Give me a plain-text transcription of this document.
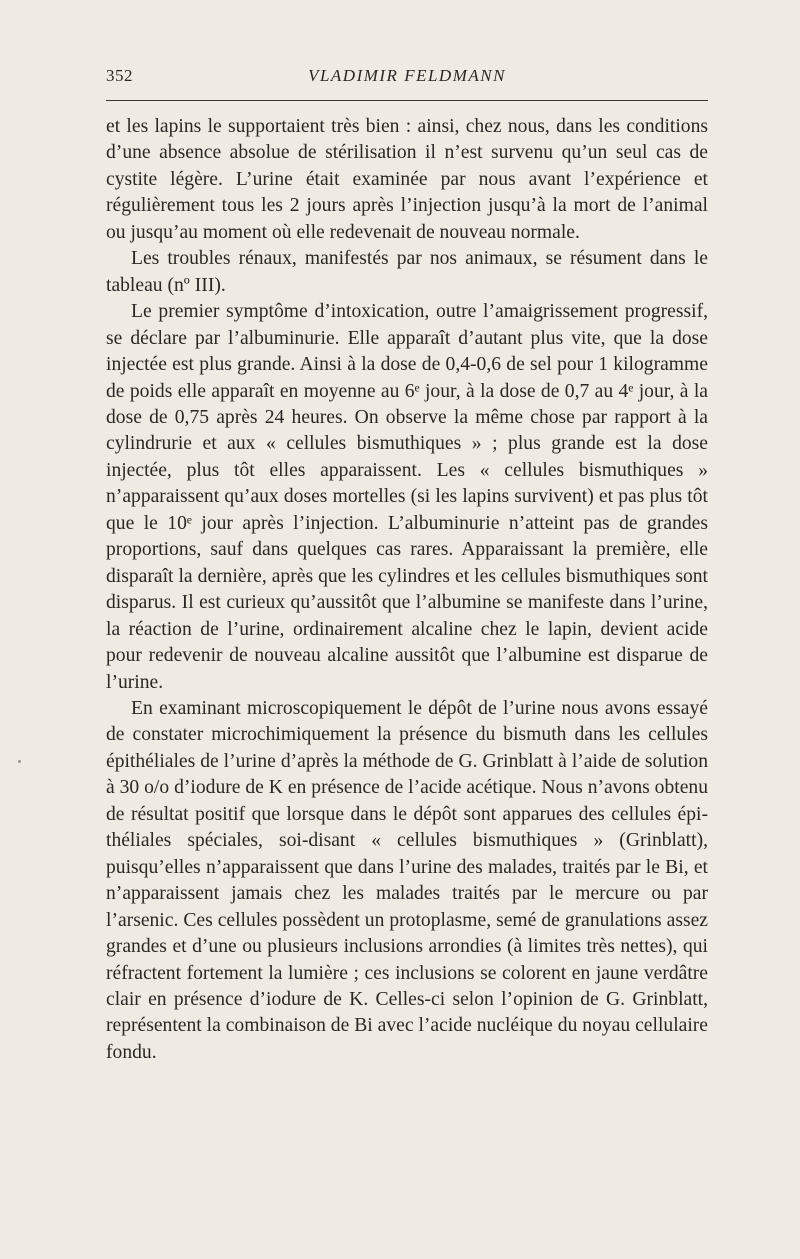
352	VLADIMIR FELDMANN

et les lapins le supportaient très bien : ainsi, chez nous, dans les conditions d’une absence absolue de stérilisation il n’est survenu qu’un seul cas de cystite légère. L’urine était examinée par nous avant l’expérience et régulièrement tous les 2 jours après l’injection jusqu’à la mort de l’animal ou jusqu’au moment où elle redevenait de nouveau normale.

Les troubles rénaux, manifestés par nos animaux, se résument dans le tableau (nº III).

Le premier symptôme d’intoxication, outre l’amaigrissement progressif, se déclare par l’albuminurie. Elle apparaît d’autant plus vite, que la dose injectée est plus grande. Ainsi à la dose de 0,4-0,6 de sel pour 1 kilogramme de poids elle apparaît en moyenne au 6ᵉ jour, à la dose de 0,7 au 4ᵉ jour, à la dose de 0,75 après 24 heures. On observe la même chose par rapport à la cylindrurie et aux « cellules bismuthiques » ; plus grande est la dose injectée, plus tôt elles apparaissent. Les « cellules bismuthiques » n’apparaissent qu’aux doses mortelles (si les lapins survivent) et pas plus tôt que le 10ᵉ jour après l’injection. L’albuminurie n’atteint pas de grandes proportions, sauf dans quelques cas rares. Apparaissant la première, elle disparaît la dernière, après que les cylindres et les cellules bismuthiques sont disparus. Il est curieux qu’aussitôt que l’albumine se manifeste dans l’urine, la réaction de l’urine, ordinairement alcaline chez le lapin, devient acide pour redevenir de nouveau alcaline aussitôt que l’albumine est disparue de l’urine.

En examinant microscopiquement le dépôt de l’urine nous avons essayé de constater microchimiquement la présence du bismuth dans les cellules épithéliales de l’urine d’après la méthode de G. Grinblatt à l’aide de solution à 30 o/o d’iodure de K en présence de l’acide acétique. Nous n’avons obtenu de résultat positif que lorsque dans le dépôt sont apparues des cellules épithéliales spéciales, soi-disant « cellules bismuthiques » (Grinblatt), puisqu’elles n’apparaissent que dans l’urine des malades, traités par le Bi, et n’apparaissent jamais chez les malades traités par le mercure ou par l’arsenic. Ces cellules possèdent un protoplasme, semé de granulations assez grandes et d’une ou plusieurs inclusions arrondies (à limites très nettes), qui réfractent fortement la lumière ; ces inclusions se colorent en jaune verdâtre clair en présence d’iodure de K. Celles-ci selon l’opinion de G. Grinblatt, représentent la combinaison de Bi avec l’acide nucléique du noyau cellulaire fondu.
